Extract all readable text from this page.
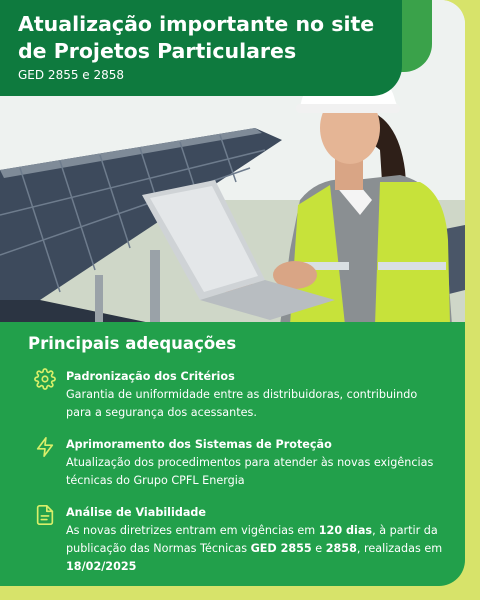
Atualização importante no site de Projetos Particulares

GED 2855 e 2858

Principais adequações
Padronização dos Critérios
Garantia de uniformidade entre as distribuidoras, contribuindo para a segurança dos acessantes.
Aprimoramento dos Sistemas de Proteção
Atualização dos procedimentos para atender às novas exigências técnicas do Grupo CPFL Energia
Análise de Viabilidade
As novas diretrizes entram em vigências em 120 dias, à partir da publicação das Normas Técnicas GED 2855 e 2858, realizadas em 18/02/2025
